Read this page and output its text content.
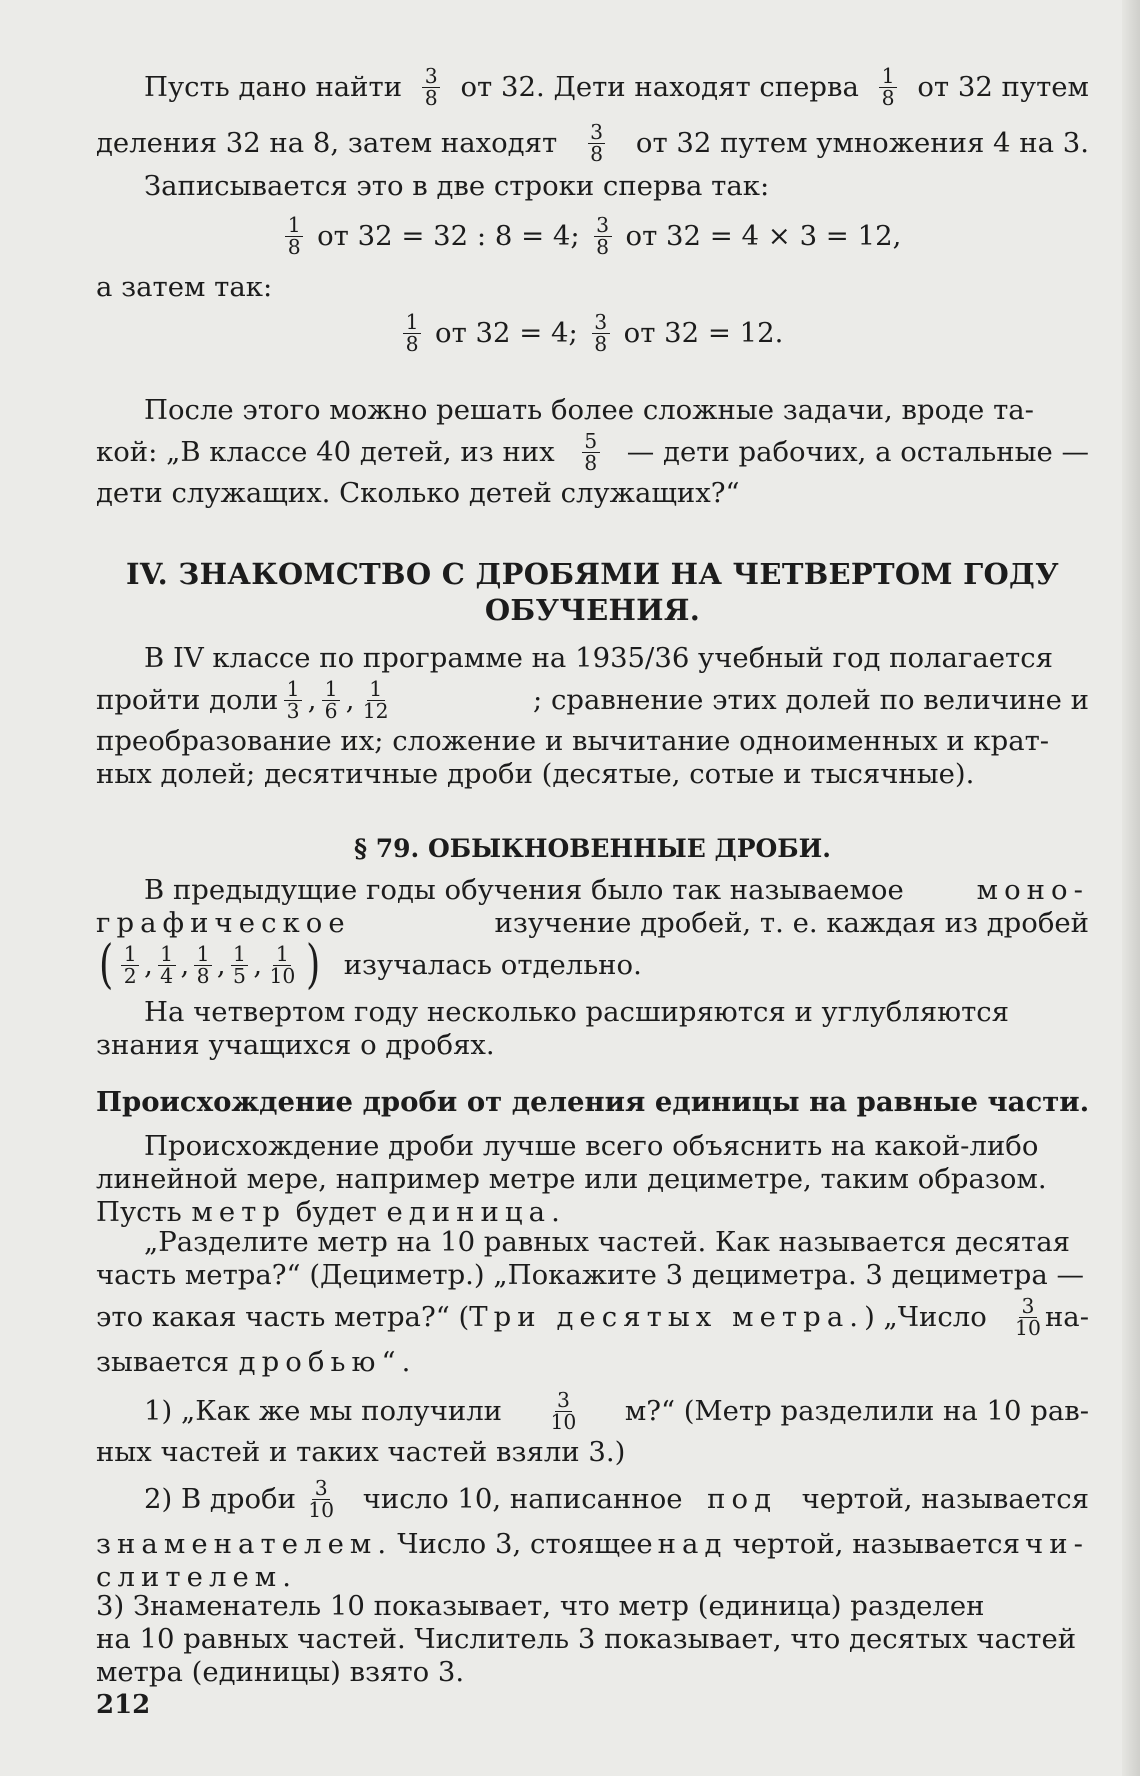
Пусть дано найти $\frac{3}{8}$ от 32. Дети находят сперва $\frac{1}{8}$ от 32 путем
деления 32 на 8, затем находят $\frac{3}{8}$ от 32 путем умножения 4 на 3.
Записывается это в две строки сперва так:
$\frac{1}{8}$ от 32 = 32 : 8 = 4; $\frac{3}{8}$ от 32 = 4 × 3 = 12,
а затем так:
$\frac{1}{8}$ от 32 = 4; $\frac{3}{8}$ от 32 = 12.
После этого можно решать более сложные задачи, вроде та-
кой: „В классе 40 детей, из них $\frac{5}{8}$ — дети рабочих, а остальные —
дети служащих. Сколько детей служащих?“
IV. ЗНАКОМСТВО С ДРОБЯМИ НА ЧЕТВЕРТОМ ГОДУ
ОБУЧЕНИЯ.
В IV классе по программе на 1935/36 учебный год полагается
пройти доли $\frac{1}{3}$ , $\frac{1}{6}$ , $\frac{1}{12}$	; сравнение этих долей по величине и
преобразование их; сложение и вычитание одноименных и крат-
ных долей; десятичные дроби (десятые, сотые и тысячные).
§ 79. ОБЫКНОВЕННЫЕ ДРОБИ.
В предыдущие годы обучения было так называемое	моно-
графическое	изучение дробей, т. е. каждая из дробей
( $\frac{1}{2}$ , $\frac{1}{4}$ , $\frac{1}{8}$ , $\frac{1}{5}$ , $\frac{1}{10}$ ) изучалась отдельно.
На четвертом году несколько расширяются и углубляются
знания учащихся о дробях.
Происхождение дроби от деления единицы на равные части.
Происхождение дроби лучше всего объяснить на какой-либо
линейной мере, например метре или дециметре, таким образом.
Пусть метр будет единица.
„Разделите метр на 10 равных частей. Как называется десятая
часть метра?“ (Дециметр.) „Покажите 3 дециметра. 3 дециметра —
это какая часть метра?“ (Три десятых метра.) „Число $\frac{3}{10} на-$
зывается дробью“.
1) „Как же мы получили $\frac{3}{10}$ м?“ (Метр разделили на 10 рав-
ных частей и таких частей взяли 3.)
2) В дроби $\frac{3}{10}$ число 10, написанное под чертой, называется
знаменателем. Число 3, стоящее над чертой, называется чи-
слителем.
3) Знаменатель 10 показывает, что метр (единица) разделен
на 10 равных частей. Числитель 3 показывает, что десятых частей
метра (единицы) взято 3.
212
